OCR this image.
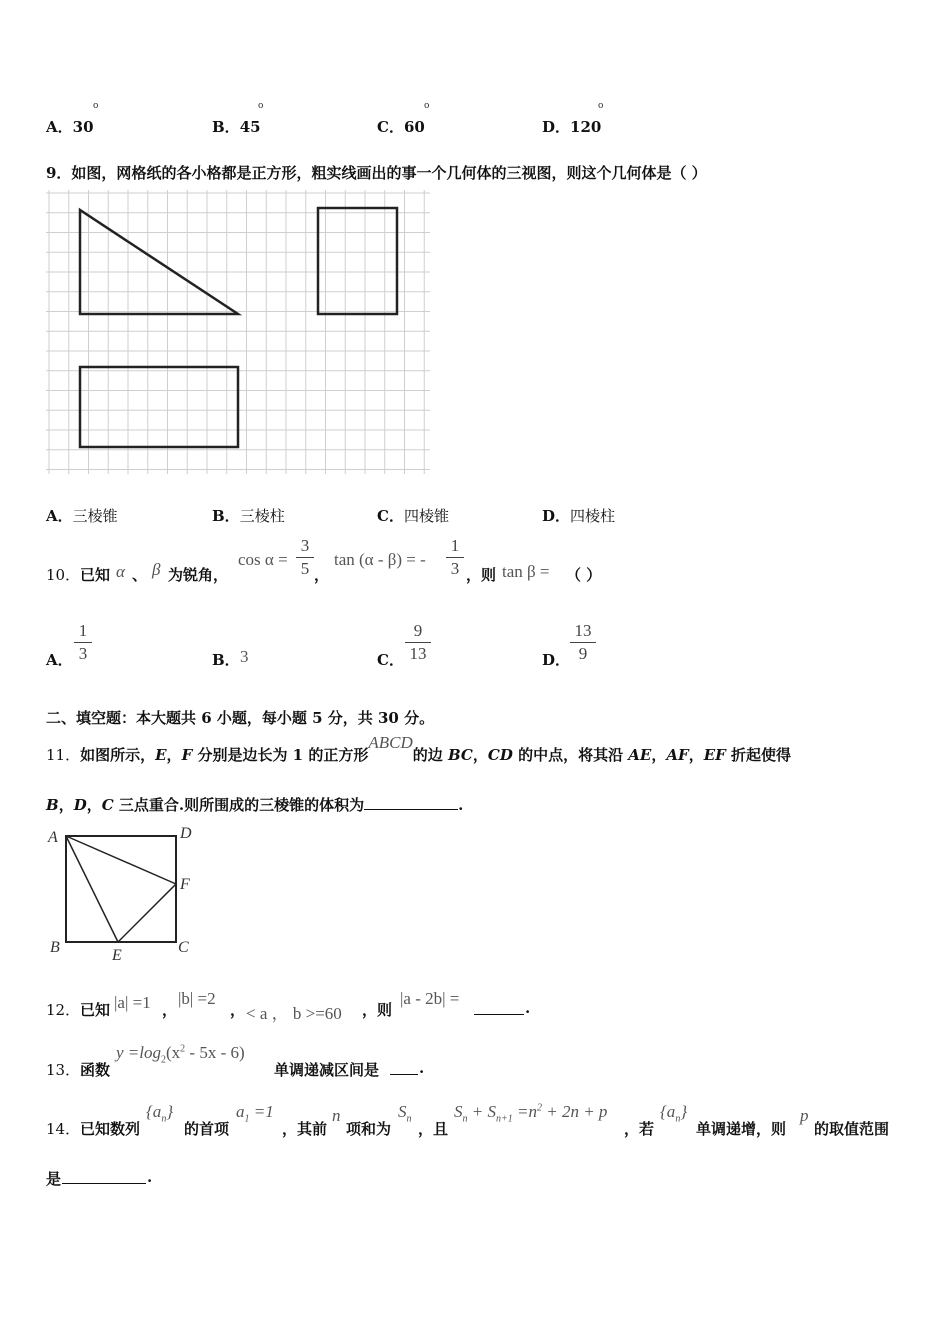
A．30
o
B．45
o
C．60
o
D．120
o
9．如图，网格纸的各小格都是正方形，粗实线画出的事一个几何体的三视图，则这个几何体是（ ）
A．三棱锥	B．三棱柱	C．四棱锥	D．四棱柱
10． 已知 α 、 β 为锐角，
cos α =
3
5 ，
tan (α - β) = -
1
3 ，则 tan β = （ ）
A．
1
3	B． 3	C．
9
13	D．
13
9
二、填空题：本大题共 6 小题，每小题 5 分，共 30 分。
11．如图所示，E，F 分别是边长为 1 的正方形ABCD的边 BC，CD 的中点，将其沿 AE，AF，EF 折起使得
B，D，C 三点重合.则所围成的三棱锥的体积为	.
A	D
F
B	E	C
12． 已知 |a| =1 ，
|b| =2
， < a ， b >=60 ，则
|a - 2b| =	.
13． 函数
$y =\log_2(x^2 - 5x - 6)$
单调递减区间是	.
14． 已知数列
$\{a_n\}$
的首项
$a_1 =1$
，其前
n
项和为
$S_n$
，且
$S_n + S_{n+1} =n^2 + 2n + p$
，若
$\{a_n\}$
单调递增，则
p
的取值范围
是	.
